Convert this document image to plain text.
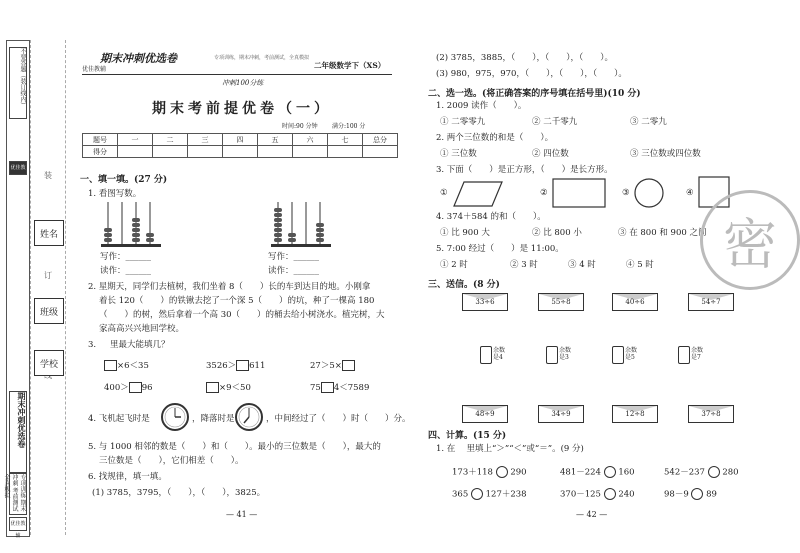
不要答题（装订线内）
优佳教辅
期末冲刺优选卷
专项训练 期末冲刺 考前测试 全真模拟
优佳教辅
装
订
姓名
班级
学校
期末冲刺优选卷
优佳教辅
专项训练，期末冲刺，考前测试，全真模拟
二年级数学下（XS）
冲刺100分练
期末考前提优卷（一）
时间:90 分钟 满分:100 分
题号	一	二	三	四	五	六	七	总分
得分								
一、填一填。(27 分)
1. 看图写数。
写作：______
读作：______
写作：______
读作：______
2. 星期天，同学们去植树，我们坐着 8（　　）长的车到达目的地。小刚拿
着长 120（　　）的铁锹去挖了一个深 5（　　）的坑，种了一棵高 180
（　　）的树，然后拿着一个高 30（　　）的桶去给小树浇水。植完树，大
家高高兴兴地回学校。
3. 　 里最大能填几？
×6＜35	3526＞ 611	27＞5×
400＞ 96	×9＜50	75 4＜7589
4. 飞机起飞时是	，降落时是	，中间经过了（　　）时（　　）分。
5. 与 1000 相邻的数是（　　）和（　　）。最小的三位数是（　　），最大的
三位数是（　　），它们相差（　　）。
6. 找规律，填一填。
(1) 3785，3795，（　　），（　　），3825。
— 41 —
(2) 3785，3885，（　　），（　　），（　　）。
(3) 980，975，970，（　　），（　　），（　　）。
二、选一选。(将正确答案的序号填在括号里)(10 分)
1. 2009 读作（　　）。
① 二零零九	② 二千零九	③ 二零九
2. 两个三位数的和是（　　）。
① 三位数	② 四位数	③ 三位数或四位数
3. 下面（　　）是正方形，（　　）是长方形。
①	②	③	④
4. 374＋584 的和（　　）。
① 比 900 大	② 比 800 小	③ 在 800 和 900 之间
5. 7:00 经过（　　）是 11:00。
① 2 时	② 3 时	③ 4 时	④ 5 时
三、送信。(8 分)
33÷6	55÷8	40÷6	54÷7
余数是4
余数是3
余数是5
余数是7
48÷9	34÷9	12÷8	37÷8
四、计算。(15 分)
1. 在　 里填上“＞”“＜”或“＝”。(9 分)
173＋118 290	481－224 160	542－237 280
365 127＋238	370－125 240	98－9 89
— 42 —
密
